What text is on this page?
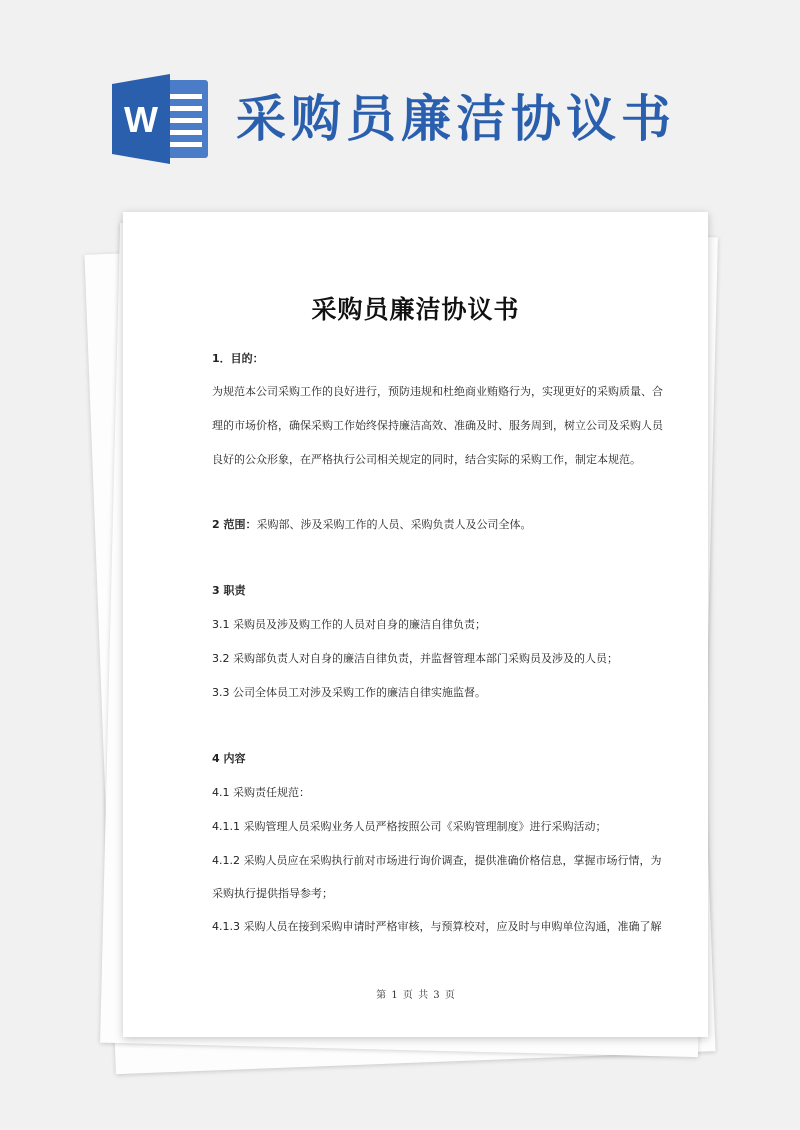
W 采购员廉洁协议书
采购员廉洁协议书
1．目的：
为规范本公司采购工作的良好进行，预防违规和杜绝商业贿赂行为，实现更好的采购质量、合
理的市场价格，确保采购工作始终保持廉洁高效、准确及时、服务周到，树立公司及采购人员
良好的公众形象，在严格执行公司相关规定的同时，结合实际的采购工作，制定本规范。
2 范围：采购部、涉及采购工作的人员、采购负责人及公司全体。
3 职责
3.1 采购员及涉及购工作的人员对自身的廉洁自律负责；
3.2 采购部负责人对自身的廉洁自律负责，并监督管理本部门采购员及涉及的人员；
3.3 公司全体员工对涉及采购工作的廉洁自律实施监督。
4 内容
4.1 采购责任规范：
4.1.1 采购管理人员采购业务人员严格按照公司《采购管理制度》进行采购活动；
4.1.2 采购人员应在采购执行前对市场进行询价调查，提供准确价格信息，掌握市场行情，为
采购执行提供指导参考；
4.1.3 采购人员在接到采购申请时严格审核，与预算校对，应及时与申购单位沟通，准确了解
第 1 页 共 3 页
